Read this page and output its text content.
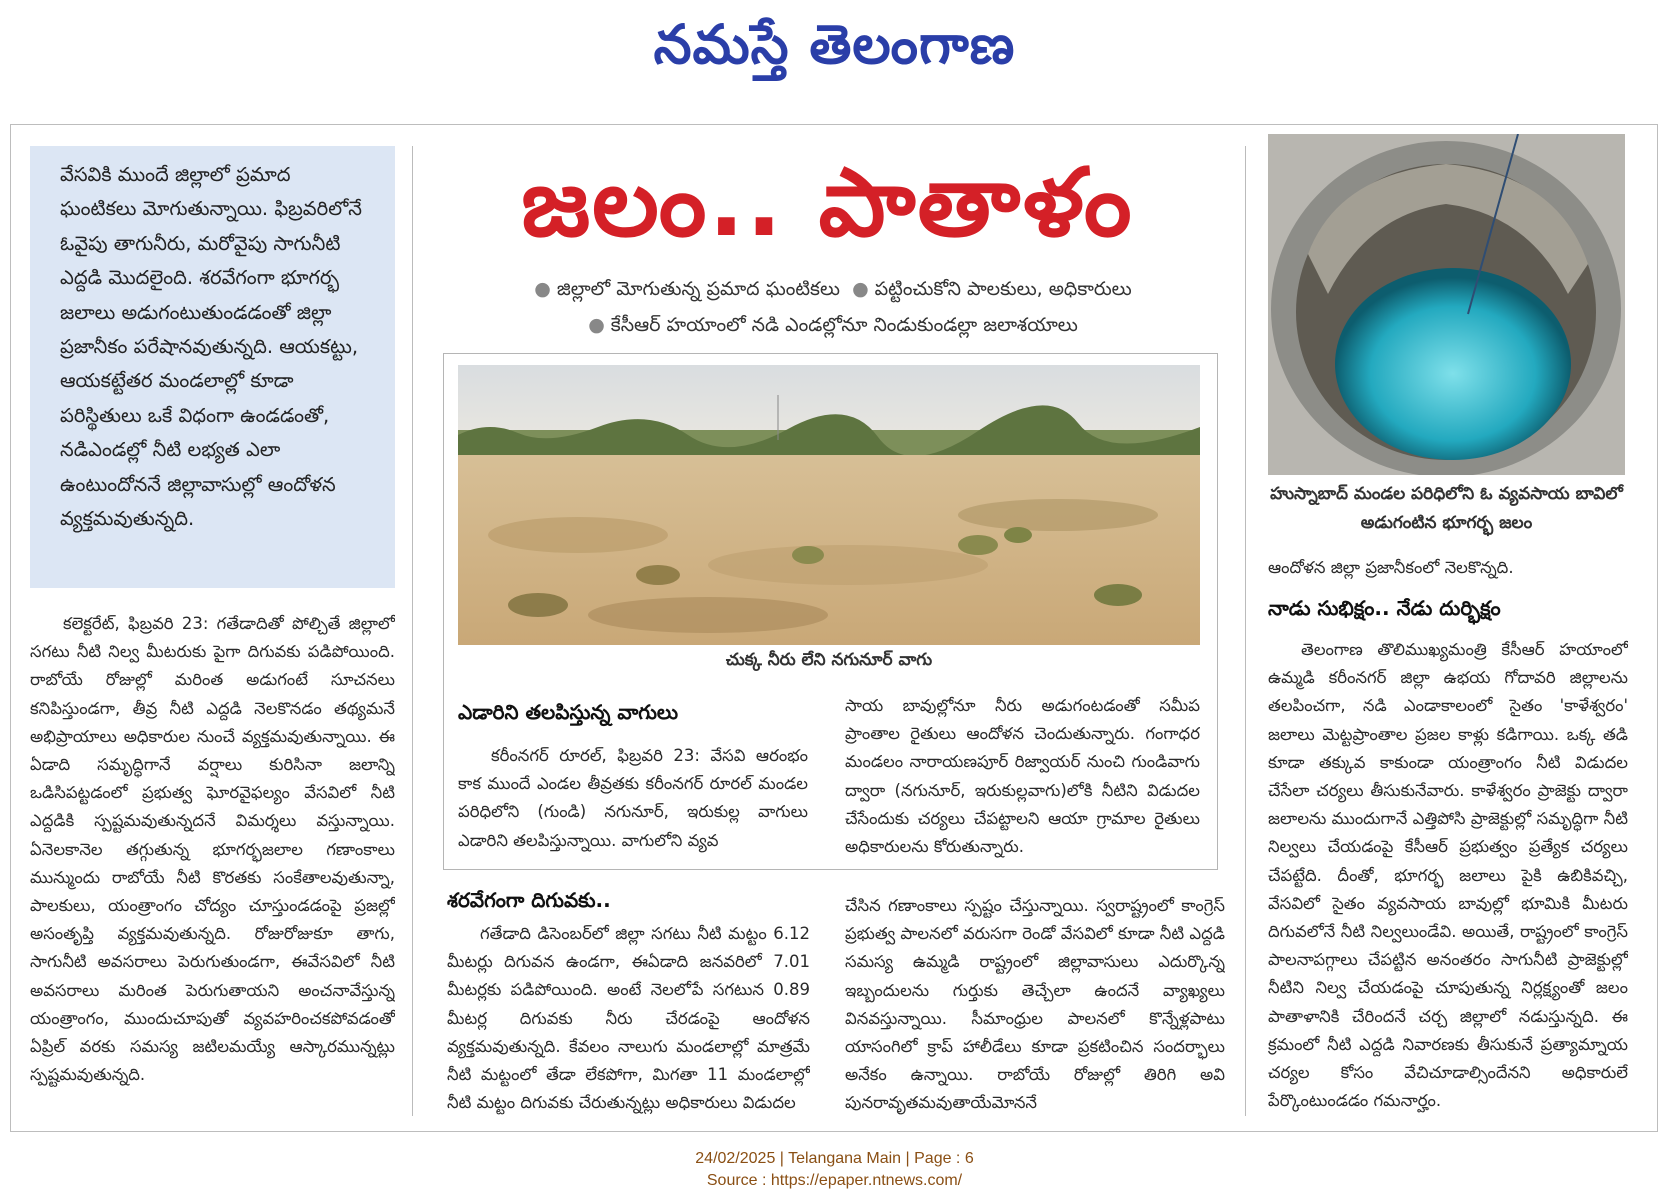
నమస్తే తెలంగాణ
వేసవికి ముందే జిల్లాలో ప్రమాద ఘంటికలు మోగుతున్నాయి. ఫిబ్రవరిలోనే ఓవైపు తాగునీరు, మరోవైపు సాగునీటి ఎద్దడి మొదలైంది. శరవేగంగా భూగర్భ జలాలు అడుగంటుతుండడంతో జిల్లా ప్రజానీకం పరేషానవుతున్నది. ఆయకట్టు, ఆయకట్టేతర మండలాల్లో కూడా పరిస్థితులు ఒకే విధంగా ఉండడంతో, నడిఎండల్లో నీటి లభ్యత ఎలా ఉంటుందోననే జిల్లావాసుల్లో ఆందోళన వ్యక్తమవుతున్నది.

కలెక్టరేట్, ఫిబ్రవరి 23: గతేడాదితో పోల్చితే జిల్లాలో సగటు నీటి నిల్వ మీటరుకు పైగా దిగువకు పడిపోయింది. రాబోయే రోజుల్లో మరింత అడుగంటే సూచనలు కనిపిస్తుండగా, తీవ్ర నీటి ఎద్దడి నెలకొనడం తథ్యమనే అభిప్రాయాలు అధికారుల నుంచే వ్యక్తమవుతున్నాయి. ఈ ఏడాది సమృద్ధిగానే వర్షాలు కురిసినా జలాన్ని ఒడిసిపట్టడంలో ప్రభుత్వ ఘోరవైఫల్యం వేసవిలో నీటి ఎద్దడికి స్పష్టమవుతున్నదనే విమర్శలు వస్తున్నాయి. ఏనెలకానెల తగ్గుతున్న భూగర్భజలాల గణాంకాలు మున్ముందు రాబోయే నీటి కొరతకు సంకేతాలవుతున్నా, పాలకులు, యంత్రాంగం చోద్యం చూస్తుండడంపై ప్రజల్లో అసంతృప్తి వ్యక్తమవుతున్నది. రోజురోజుకూ తాగు, సాగునీటి అవసరాలు పెరుగుతుండగా, ఈవేసవిలో నీటి అవసరాలు మరింత పెరుగుతాయని అంచనావేస్తున్న యంత్రాంగం, ముందుచూపుతో వ్యవహరించకపోవడంతో ఏప్రిల్ వరకు సమస్య జటిలమయ్యే ఆస్కారమున్నట్లు స్పష్టమవుతున్నది.

జలం.. పాతాళం
● జిల్లాలో మోగుతున్న ప్రమాద ఘంటికలు ● పట్టించుకోని పాలకులు, అధికారులు
● కేసీఆర్ హయాంలో నడి ఎండల్లోనూ నిండుకుండల్లా జలాశయాలు
చుక్క నీరు లేని నగునూర్ వాగు
ఎడారిని తలపిస్తున్న వాగులు

కరీంనగర్ రూరల్, ఫిబ్రవరి 23: వేసవి ఆరంభం కాక ముందే ఎండల తీవ్రతకు కరీంనగర్ రూరల్ మండల పరిధిలోని (గుండి) నగునూర్, ఇరుకుల్ల వాగులు ఎడారిని తలపిస్తున్నాయి. వాగులోని వ్యవ

సాయ బావుల్లోనూ నీరు అడుగంటడంతో సమీప ప్రాంతాల రైతులు ఆందోళన చెందుతున్నారు. గంగాధర మండలం నారాయణపూర్ రిజ్వాయర్ నుంచి గుండివాగు ద్వారా (నగునూర్, ఇరుకుల్లవాగు)లోకి నీటిని విడుదల చేసేందుకు చర్యలు చేపట్టాలని ఆయా గ్రామాల రైతులు అధికారులను కోరుతున్నారు.

శరవేగంగా దిగువకు..

గతేడాది డిసెంబర్‌లో జిల్లా సగటు నీటి మట్టం 6.12 మీటర్లు దిగువన ఉండగా, ఈఏడాది జనవరిలో 7.01 మీటర్లకు పడిపోయింది. అంటే నెలలోపే సగటున 0.89 మీటర్ల దిగువకు నీరు చేరడంపై ఆందోళన వ్యక్తమవుతున్నది. కేవలం నాలుగు మండలాల్లో మాత్రమే నీటి మట్టంలో తేడా లేకపోగా, మిగతా 11 మండలాల్లో నీటి మట్టం దిగువకు చేరుతున్నట్లు అధికారులు విడుదల

చేసిన గణాంకాలు స్పష్టం చేస్తున్నాయి. స్వరాష్ట్రంలో కాంగ్రెస్ ప్రభుత్వ పాలనలో వరుసగా రెండో వేసవిలో కూడా నీటి ఎద్దడి సమస్య ఉమ్మడి రాష్ట్రంలో జిల్లావాసులు ఎదుర్కొన్న ఇబ్బందులను గుర్తుకు తెచ్చేలా ఉందనే వ్యాఖ్యలు వినవస్తున్నాయి. సీమాంధ్రుల పాలనలో కొన్నేళ్లపాటు యాసంగిలో క్రాప్ హాలీడేలు కూడా ప్రకటించిన సందర్భాలు అనేకం ఉన్నాయి. రాబోయే రోజుల్లో తిరిగి అవి పునరావృతమవుతాయేమోననే

హుస్నాబాద్ మండల పరిధిలోని ఓ వ్యవసాయ బావిలో అడుగంటిన భూగర్భ జలం

ఆందోళన జిల్లా ప్రజానీకంలో నెలకొన్నది.

నాడు సుభిక్షం.. నేడు దుర్భిక్షం

తెలంగాణ తొలిముఖ్యమంత్రి కేసీఆర్ హయాంలో ఉమ్మడి కరీంనగర్ జిల్లా ఉభయ గోదావరి జిల్లాలను తలపించగా, నడి ఎండాకాలంలో సైతం 'కాళేశ్వరం' జలాలు మెట్టప్రాంతాల ప్రజల కాళ్లు కడిగాయి. ఒక్క తడి కూడా తక్కువ కాకుండా యంత్రాంగం నీటి విడుదల చేసేలా చర్యలు తీసుకునేవారు. కాళేశ్వరం ప్రాజెక్టు ద్వారా జలాలను ముందుగానే ఎత్తిపోసి ప్రాజెక్టుల్లో సమృద్ధిగా నీటి నిల్వలు చేయడంపై కేసీఆర్ ప్రభుత్వం ప్రత్యేక చర్యలు చేపట్టేది. దీంతో, భూగర్భ జలాలు పైకి ఉబికివచ్చి, వేసవిలో సైతం వ్యవసాయ బావుల్లో భూమికి మీటరు దిగువలోనే నీటి నిల్వలుండేవి. అయితే, రాష్ట్రంలో కాంగ్రెస్ పాలనాపగ్గాలు చేపట్టిన అనంతరం సాగునీటి ప్రాజెక్టుల్లో నీటిని నిల్వ చేయడంపై చూపుతున్న నిర్లక్ష్యంతో జలం పాతాళానికి చేరిందనే చర్చ జిల్లాలో నడుస్తున్నది. ఈ క్రమంలో నీటి ఎద్దడి నివారణకు తీసుకునే ప్రత్యామ్నాయ చర్యల కోసం వేచిచూడాల్సిందేనని అధికారులే పేర్కొంటుండడం గమనార్హం.

24/02/2025 | Telangana Main | Page : 6
Source : https://epaper.ntnews.com/
